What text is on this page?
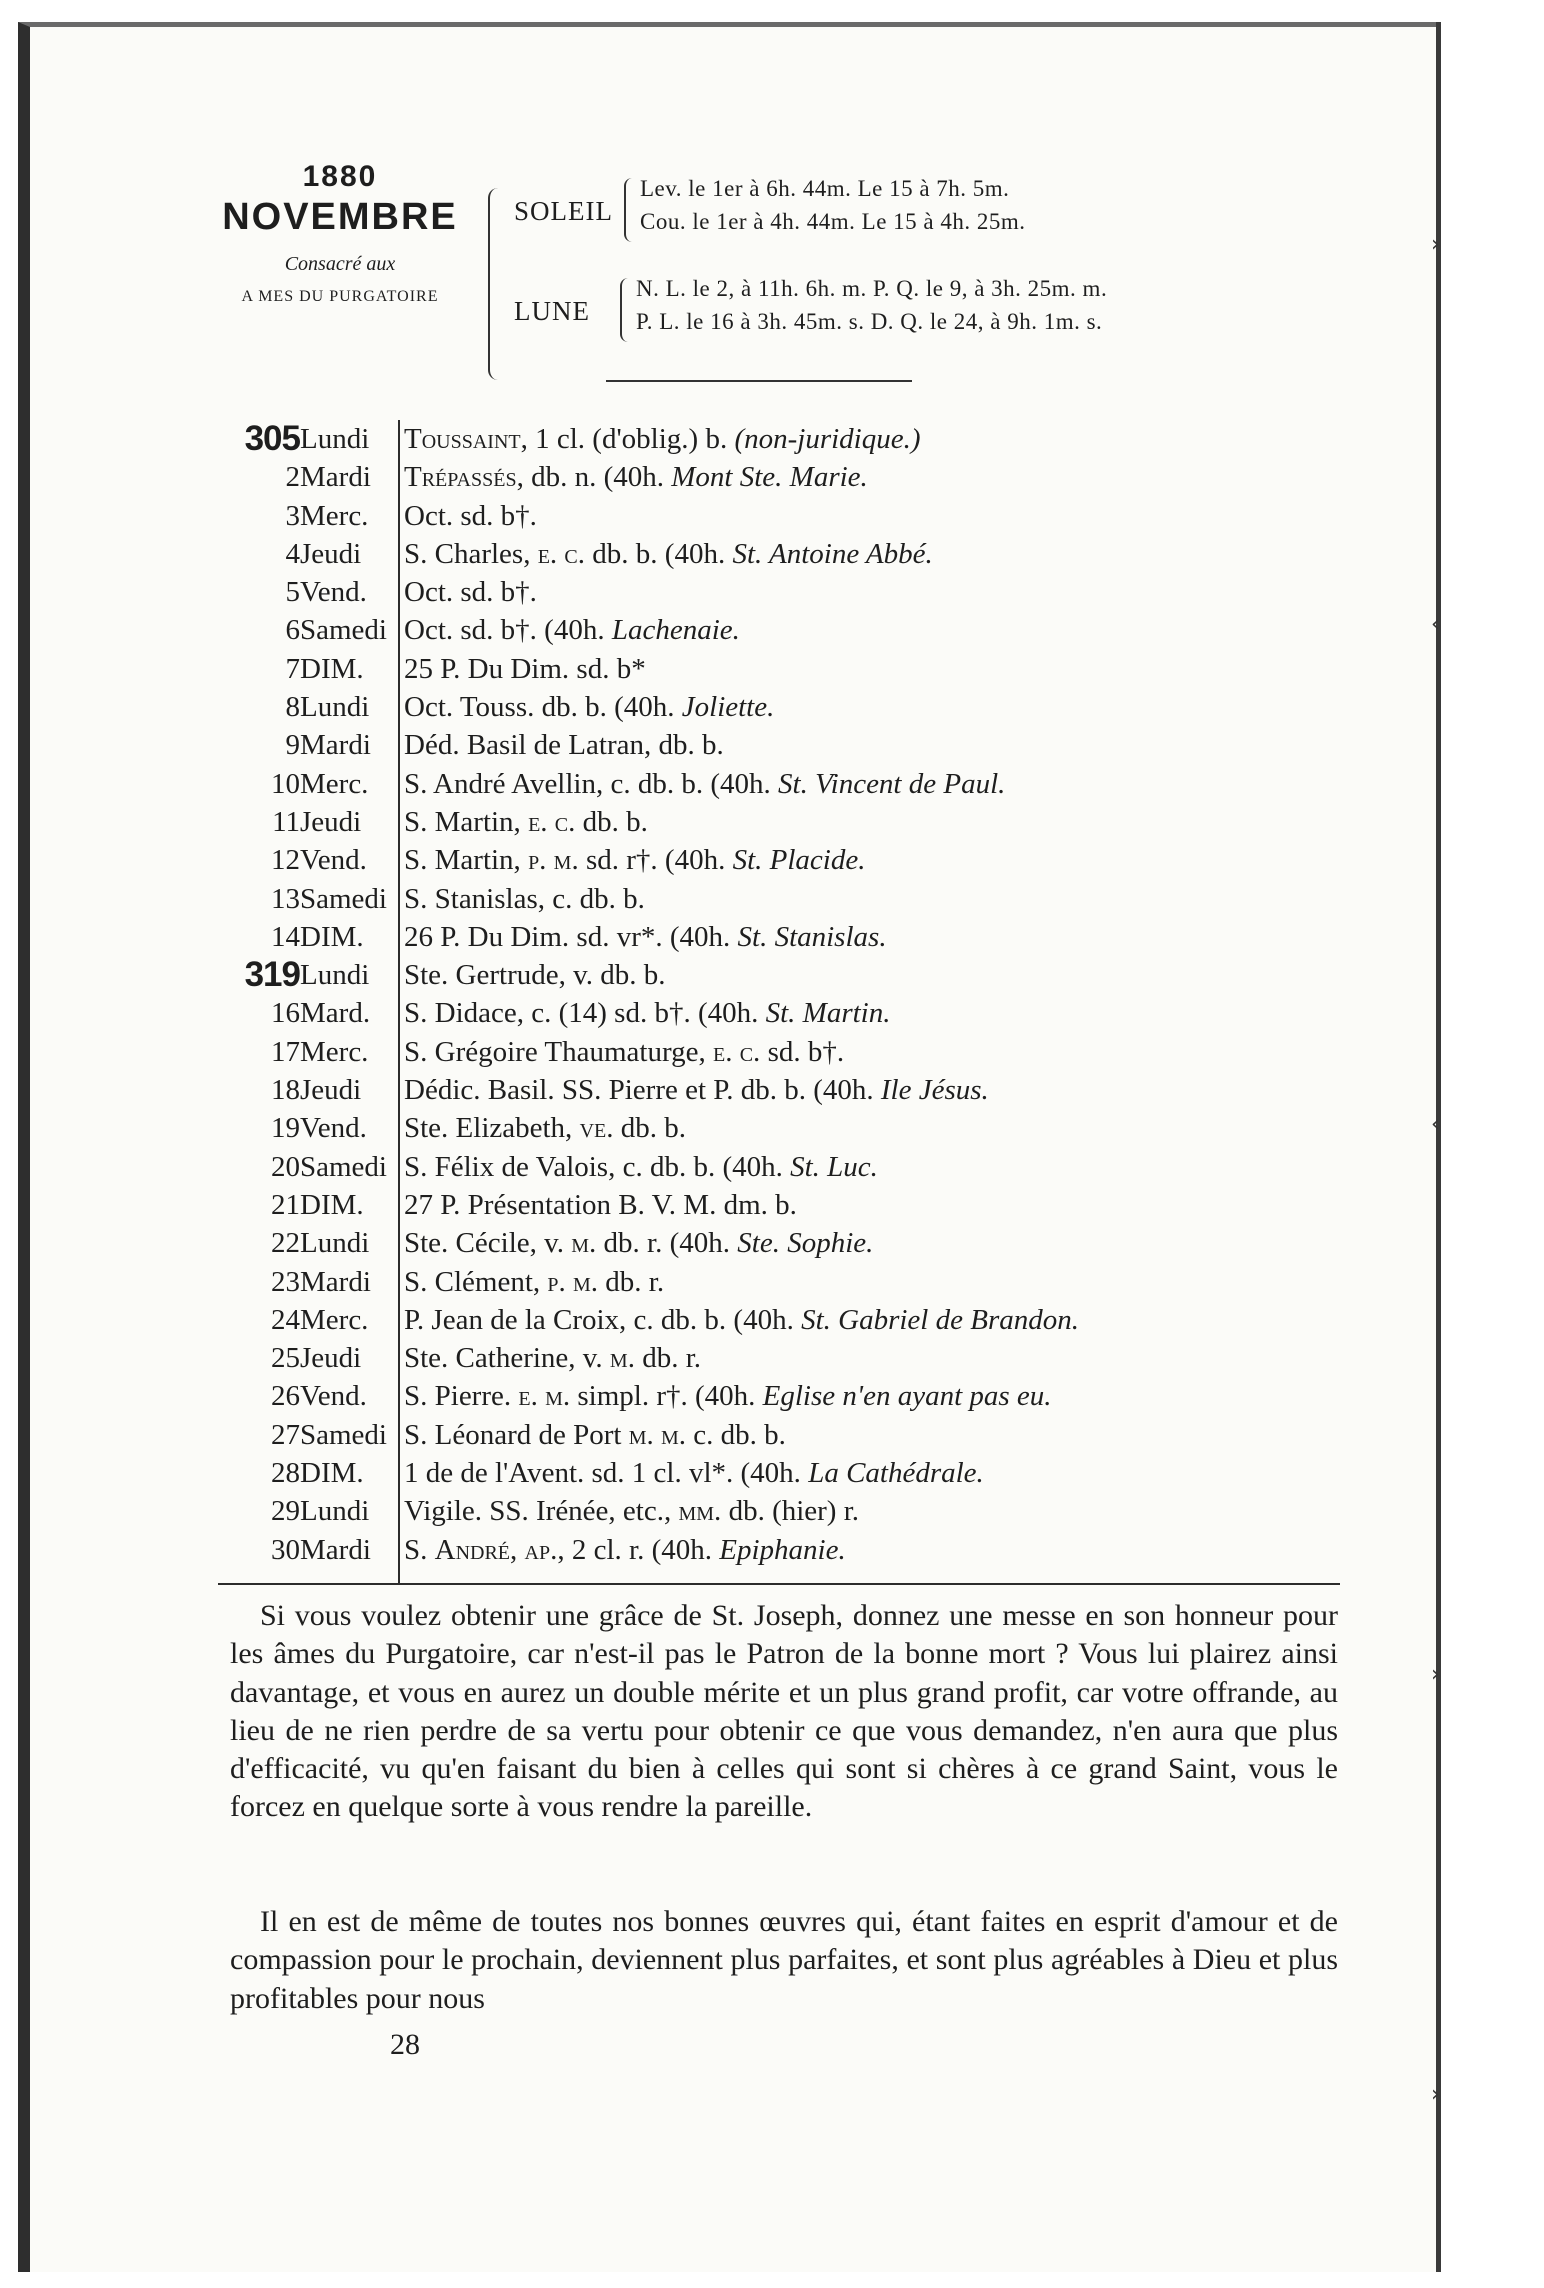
›
‹
‹
›
›
1880
NOVEMBRE
Consacré aux
A MES DU PURGATOIRE
SOLEIL
Lev. le 1er à 6h. 44m. Le 15 à 7h. 5m.
Cou. le 1er à 4h. 44m. Le 15 à 4h. 25m.
LUNE
N. L. le 2, à 11h. 6h. m. P. Q. le 9, à 3h. 25m. m.
P. L. le 16 à 3h. 45m. s. D. Q. le 24, à 9h. 1m. s.
305 Lundi	Toussaint, 1 cl. (d'oblig.) b. (non-juridique.)
2 Mardi	Trépassés, db. n. (40h. Mont Ste. Marie.
3 Merc.	Oct. sd. b†.
4 Jeudi	S. Charles, e. c. db. b. (40h. St. Antoine Abbé.
5 Vend.	Oct. sd. b†.
6 Samedi Oct. sd. b†. (40h. Lachenaie.
7 DIM.	25 P. Du Dim. sd. b*
8 Lundi	Oct. Touss. db. b. (40h. Joliette.
9 Mardi	Déd. Basil de Latran, db. b.
10 Merc.	S. André Avellin, c. db. b. (40h. St. Vincent de Paul.
11 Jeudi	S. Martin, e. c. db. b.
12 Vend.	S. Martin, p. m. sd. r†. (40h. St. Placide.
13 Samedi S. Stanislas, c. db. b.
14 DIM.	26 P. Du Dim. sd. vr*. (40h. St. Stanislas.
319 Lundi	Ste. Gertrude, v. db. b.
16 Mard.	S. Didace, c. (14) sd. b†. (40h. St. Martin.
17 Merc.	S. Grégoire Thaumaturge, e. c. sd. b†.
18 Jeudi	Dédic. Basil. SS. Pierre et P. db. b. (40h. Ile Jésus.
19 Vend.	Ste. Elizabeth, ve. db. b.
20 Samedi S. Félix de Valois, c. db. b. (40h. St. Luc.
21 DIM.	27 P. Présentation B. V. M. dm. b.
22 Lundi	Ste. Cécile, v. m. db. r. (40h. Ste. Sophie.
23 Mardi	S. Clément, p. m. db. r.
24 Merc.	P. Jean de la Croix, c. db. b. (40h. St. Gabriel de Brandon.
25 Jeudi	Ste. Catherine, v. m. db. r.
26 Vend.	S. Pierre. e. m. simpl. r†. (40h. Eglise n'en ayant pas eu.
27 Samedi S. Léonard de Port m. m. c. db. b.
28 DIM.	1 de de l'Avent. sd. 1 cl. vl*. (40h. La Cathédrale.
29 Lundi	Vigile. SS. Irénée, etc., mm. db. (hier) r.
30 Mardi	S. André, ap., 2 cl. r. (40h. Epiphanie.
Si vous voulez obtenir une grâce de St. Joseph, donnez une messe en son honneur pour les âmes du Purgatoire, car n'est-il pas le Patron de la bonne mort ? Vous lui plairez ainsi davantage, et vous en aurez un double mérite et un plus grand profit, car votre offrande, au lieu de ne rien perdre de sa vertu pour obtenir ce que vous demandez, n'en aura que plus d'efficacité, vu qu'en faisant du bien à celles qui sont si chères à ce grand Saint, vous le forcez en quelque sorte à vous rendre la pareille.
Il en est de même de toutes nos bonnes œuvres qui, étant faites en esprit d'amour et de compassion pour le prochain, deviennent plus parfaites, et sont plus agréables à Dieu et plus profitables pour nous
28
